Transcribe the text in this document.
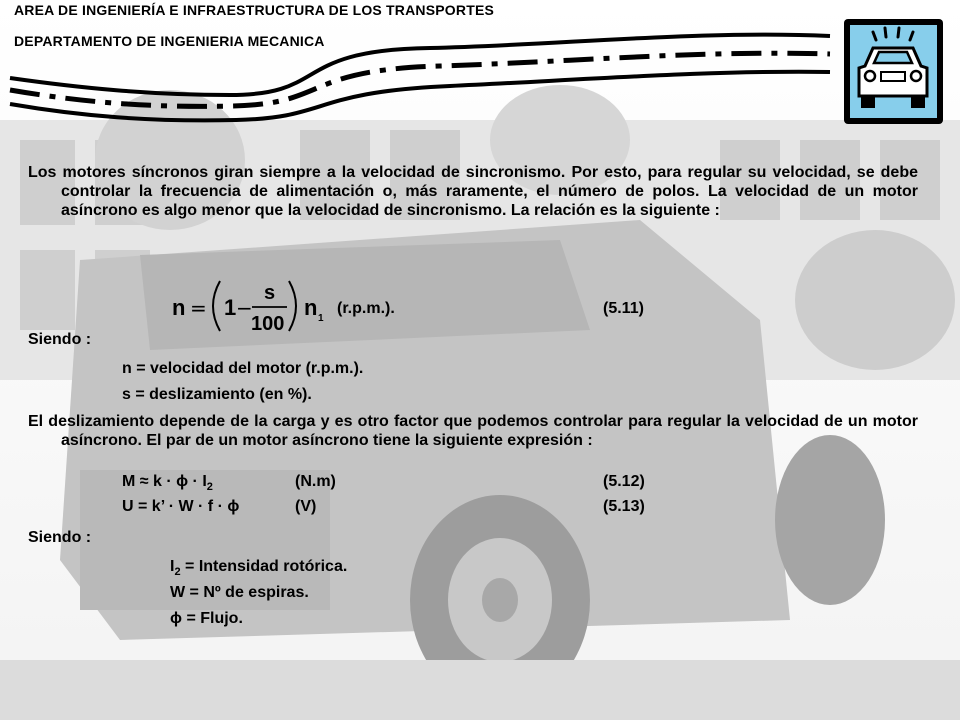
AREA DE INGENIERÍA E INFRAESTRUCTURA DE LOS TRANSPORTES
DEPARTAMENTO DE INGENIERIA MECANICA
Los motores síncronos giran siempre a la velocidad de sincronismo. Por esto, para regular su velocidad, se debe controlar la frecuencia de alimentación o, más raramente, el número de polos. La velocidad de un motor asíncrono es algo menor que la velocidad de sincronismo. La relación es la siguiente :
n = 1 −
s
100
n 1
(r.p.m.).	(5.11)
Siendo :
n = velocidad del motor (r.p.m.).
s = deslizamiento (en %).
El deslizamiento depende de la carga y es otro factor que podemos controlar para regular la velocidad de un motor asíncrono. El par de un motor asíncrono tiene la siguiente expresión :
$M \approx k \cdot \phi \cdot I_2$	(N.m)	(5.12)
U = k’ · W · f · ϕ	(V)	(5.13)
Siendo :
$I_2$ = Intensidad rotórica.
W = Nº de espiras.
ϕ = Flujo.
